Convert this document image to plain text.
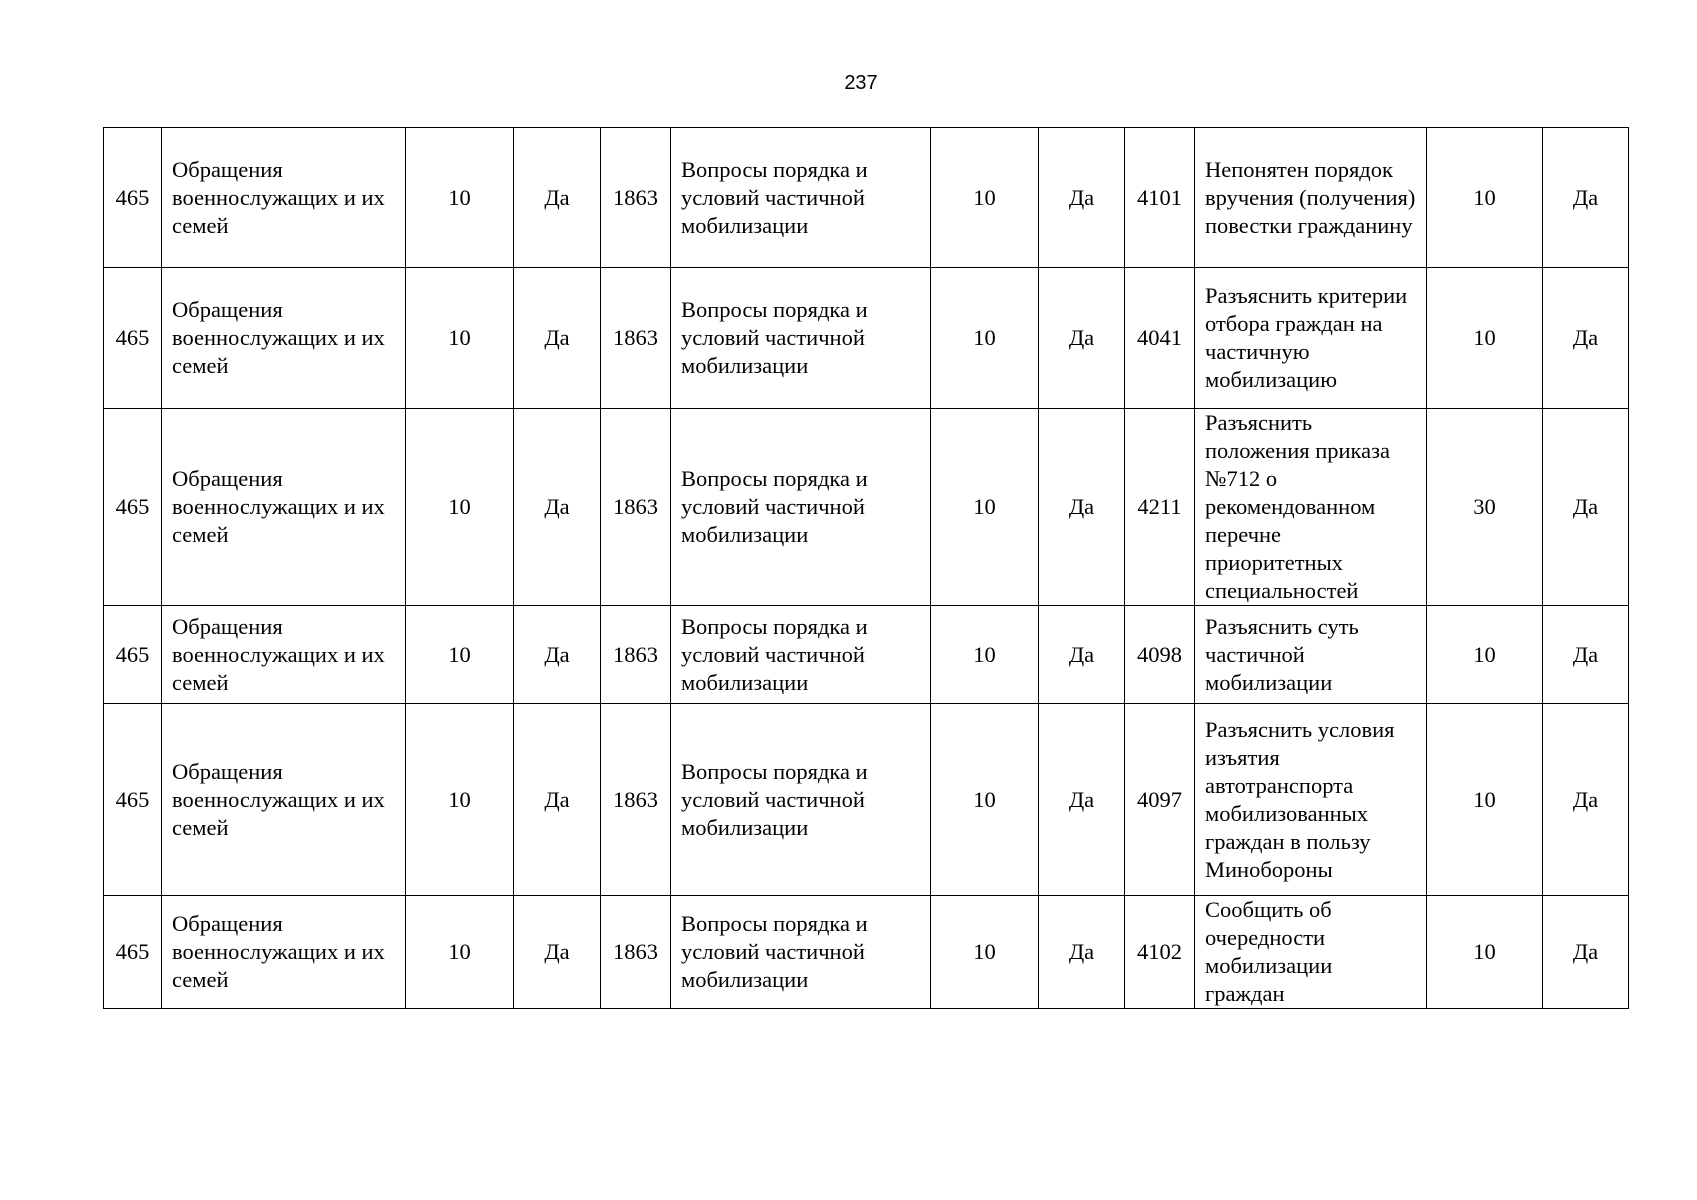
237
465	Обращения военнослужащих и их семей	10	Да	1863	Вопросы порядка и условий частичной мобилизации	10	Да	4101	Непонятен порядок вручения (получения) повестки гражданину	10	Да
465	Обращения военнослужащих и их семей	10	Да	1863	Вопросы порядка и условий частичной мобилизации	10	Да	4041	Разъяснить критерии отбора граждан на частичную мобилизацию	10	Да
465	Обращения военнослужащих и их семей	10	Да	1863	Вопросы порядка и условий частичной мобилизации	10	Да	4211	Разъяснить положения приказа №712 о рекомендованном перечне приоритетных специальностей	30	Да
465	Обращения военнослужащих и их семей	10	Да	1863	Вопросы порядка и условий частичной мобилизации	10	Да	4098	Разъяснить суть частичной мобилизации	10	Да
465	Обращения военнослужащих и их семей	10	Да	1863	Вопросы порядка и условий частичной мобилизации	10	Да	4097	Разъяснить условия изъятия автотранспорта мобилизованных граждан в пользу Минобороны	10	Да
465	Обращения военнослужащих и их семей	10	Да	1863	Вопросы порядка и условий частичной мобилизации	10	Да	4102	Сообщить об очередности мобилизации граждан	10	Да
